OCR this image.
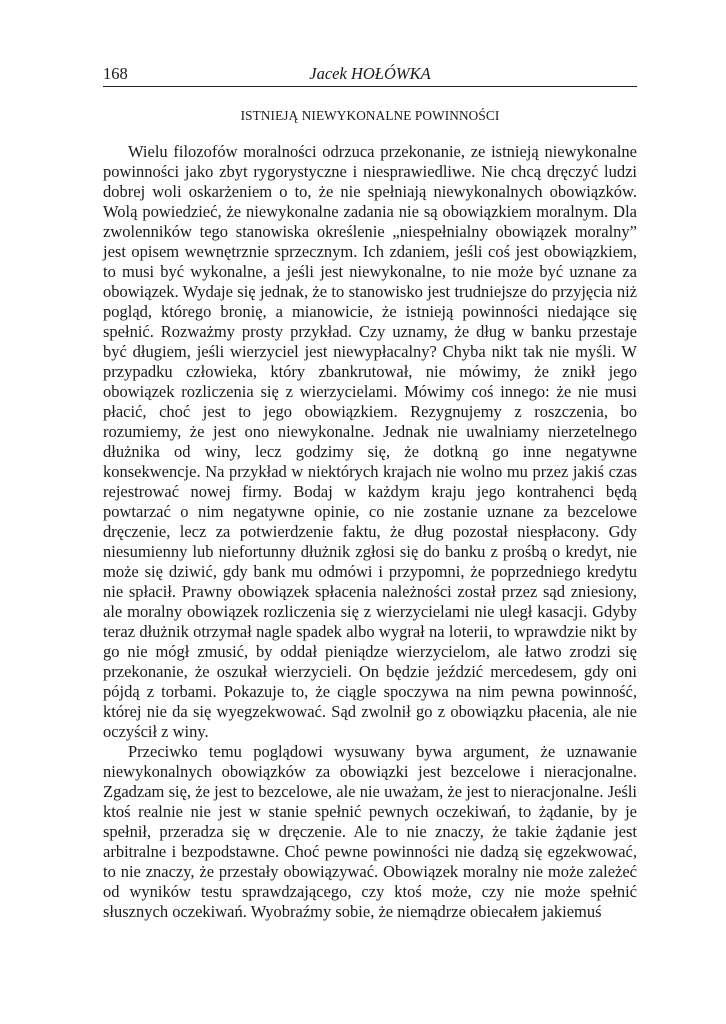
168	Jacek HOŁÓWKA
ISTNIEJĄ NIEWYKONALNE POWINNOŚCI

Wielu filozofów moralności odrzuca przekonanie, ze istnieją niewykonalne powinności jako zbyt rygorystyczne i niesprawiedliwe. Nie chcą dręczyć ludzi dobrej woli oskarżeniem o to, że nie spełniają niewykonalnych obowiązków. Wolą powiedzieć, że niewykonalne zadania nie są obowiązkiem moralnym. Dla zwolenników tego stanowiska określenie „niespełnialny obowiązek moralny” jest opisem wewnętrznie sprzecznym. Ich zdaniem, jeśli coś jest obowiązkiem, to musi być wykonalne, a jeśli jest niewykonalne, to nie może być uznane za obowiązek. Wydaje się jednak, że to stanowisko jest trudniejsze do przyjęcia niż pogląd, którego bronię, a mianowicie, że istnieją powinności niedające się spełnić. Rozważmy prosty przykład. Czy uznamy, że dług w banku przestaje być długiem, jeśli wierzyciel jest niewypłacalny? Chyba nikt tak nie myśli. W przypadku człowieka, który zbankrutował, nie mówimy, że znikł jego obowiązek rozliczenia się z wierzycielami. Mówimy coś innego: że nie musi płacić, choć jest to jego obowiązkiem. Rezygnujemy z roszczenia, bo rozumiemy, że jest ono niewykonalne. Jednak nie uwalniamy nierzetelnego dłużnika od winy, lecz godzimy się, że dotkną go inne negatywne konsekwencje. Na przykład w niektórych krajach nie wolno mu przez jakiś czas rejestrować nowej firmy. Bodaj w każdym kraju jego kontrahenci będą powtarzać o nim negatywne opinie, co nie zostanie uznane za bezcelowe dręczenie, lecz za potwierdzenie faktu, że dług pozostał niespłacony. Gdy niesumienny lub niefortunny dłużnik zgłosi się do banku z prośbą o kredyt, nie może się dziwić, gdy bank mu odmówi i przypomni, że poprzedniego kredytu nie spłacił. Prawny obowiązek spłacenia należności został przez sąd zniesiony, ale moralny obowiązek rozliczenia się z wierzycielami nie uległ kasacji. Gdyby teraz dłużnik otrzymał nagle spadek albo wygrał na loterii, to wprawdzie nikt by go nie mógł zmusić, by oddał pieniądze wierzycielom, ale łatwo zrodzi się przekonanie, że oszukał wierzycieli. On będzie jeździć mercedesem, gdy oni pójdą z torbami. Pokazuje to, że ciągle spoczywa na nim pewna powinność, której nie da się wyegzekwować. Sąd zwolnił go z obowiązku płacenia, ale nie oczyścił z winy.

Przeciwko temu poglądowi wysuwany bywa argument, że uznawanie niewykonalnych obowiązków za obowiązki jest bezcelowe i nieracjonalne. Zgadzam się, że jest to bezcelowe, ale nie uważam, że jest to nieracjonalne. Jeśli ktoś realnie nie jest w stanie spełnić pewnych oczekiwań, to żądanie, by je spełnił, przeradza się w dręczenie. Ale to nie znaczy, że takie żądanie jest arbitralne i bezpodstawne. Choć pewne powinności nie dadzą się egzekwować, to nie znaczy, że przestały obowiązywać. Obowiązek moralny nie może zależeć od wyników testu sprawdzającego, czy ktoś może, czy nie może spełnić słusznych oczekiwań. Wyobraźmy sobie, że niemądrze obiecałem jakiemuś
